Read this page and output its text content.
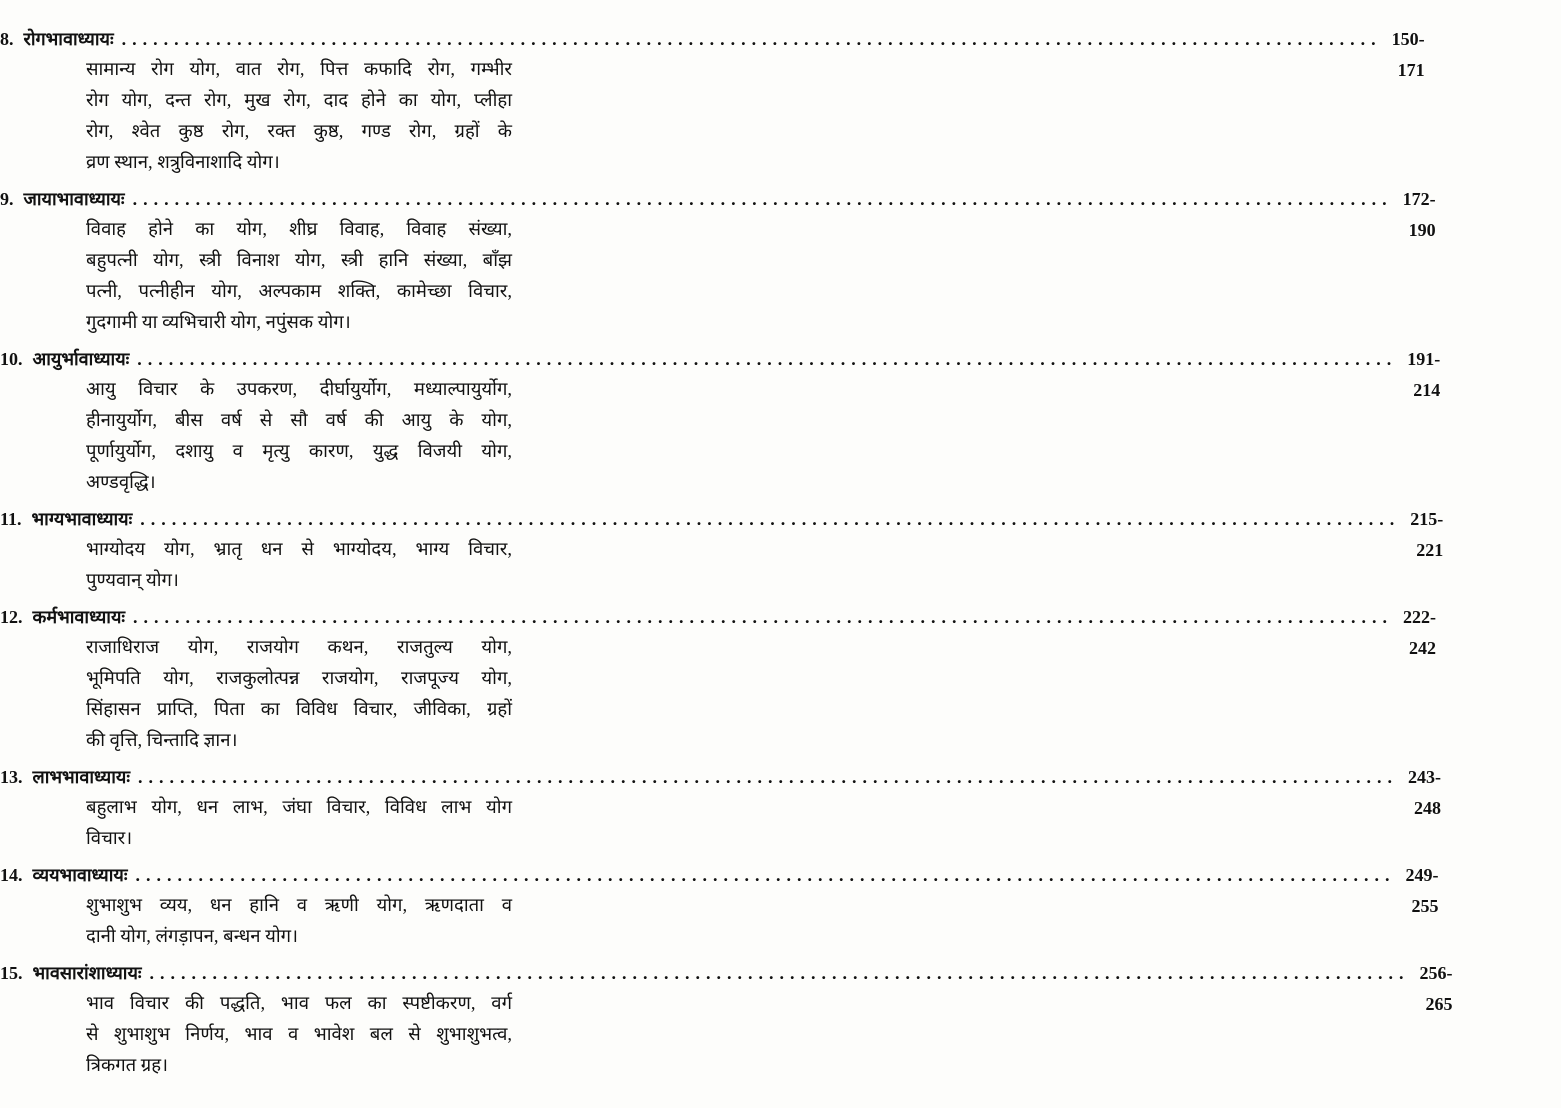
8. रोगभावाध्यायः ........................................................................................................................ 150-171
सामान्य रोग योग, वात रोग, पित्त कफादि रोग, गम्भीर
रोग योग, दन्त रोग, मुख रोग, दाद होने का योग, प्लीहा
रोग, श्वेत कुष्ठ रोग, रक्त कुष्ठ, गण्ड रोग, ग्रहों के
व्रण स्थान, शत्रुविनाशादि योग।
9. जायाभावाध्यायः ........................................................................................................................ 172-190
विवाह होने का योग, शीघ्र विवाह, विवाह संख्या,
बहुपत्नी योग, स्त्री विनाश योग, स्त्री हानि संख्या, बाँझ
पत्नी, पत्नीहीन योग, अल्पकाम शक्ति, कामेच्छा विचार,
गुदगामी या व्यभिचारी योग, नपुंसक योग।
10. आयुर्भावाध्यायः ........................................................................................................................ 191-214
आयु विचार के उपकरण, दीर्घायुर्योग, मध्याल्पायुर्योग,
हीनायुर्योग, बीस वर्ष से सौ वर्ष की आयु के योग,
पूर्णायुर्योग, दशायु व मृत्यु कारण, युद्ध विजयी योग,
अण्डवृद्धि।
11. भाग्यभावाध्यायः ........................................................................................................................ 215-221
भाग्योदय योग, भ्रातृ धन से भाग्योदय, भाग्य विचार,
पुण्यवान् योग।
12. कर्मभावाध्यायः ........................................................................................................................ 222-242
राजाधिराज योग, राजयोग कथन, राजतुल्य योग,
भूमिपति योग, राजकुलोत्पन्न राजयोग, राजपूज्य योग,
सिंहासन प्राप्ति, पिता का विविध विचार, जीविका, ग्रहों
की वृत्ति, चिन्तादि ज्ञान।
13. लाभभावाध्यायः ........................................................................................................................ 243-248
बहुलाभ योग, धन लाभ, जंघा विचार, विविध लाभ योग
विचार।
14. व्ययभावाध्यायः ........................................................................................................................ 249-255
शुभाशुभ व्यय, धन हानि व ऋणी योग, ऋणदाता व
दानी योग, लंगड़ापन, बन्धन योग।
15. भावसारांशाध्यायः ........................................................................................................................ 256-265
भाव विचार की पद्धति, भाव फल का स्पष्टीकरण, वर्ग
से शुभाशुभ निर्णय, भाव व भावेश बल से शुभाशुभत्व,
त्रिकगत ग्रह।
